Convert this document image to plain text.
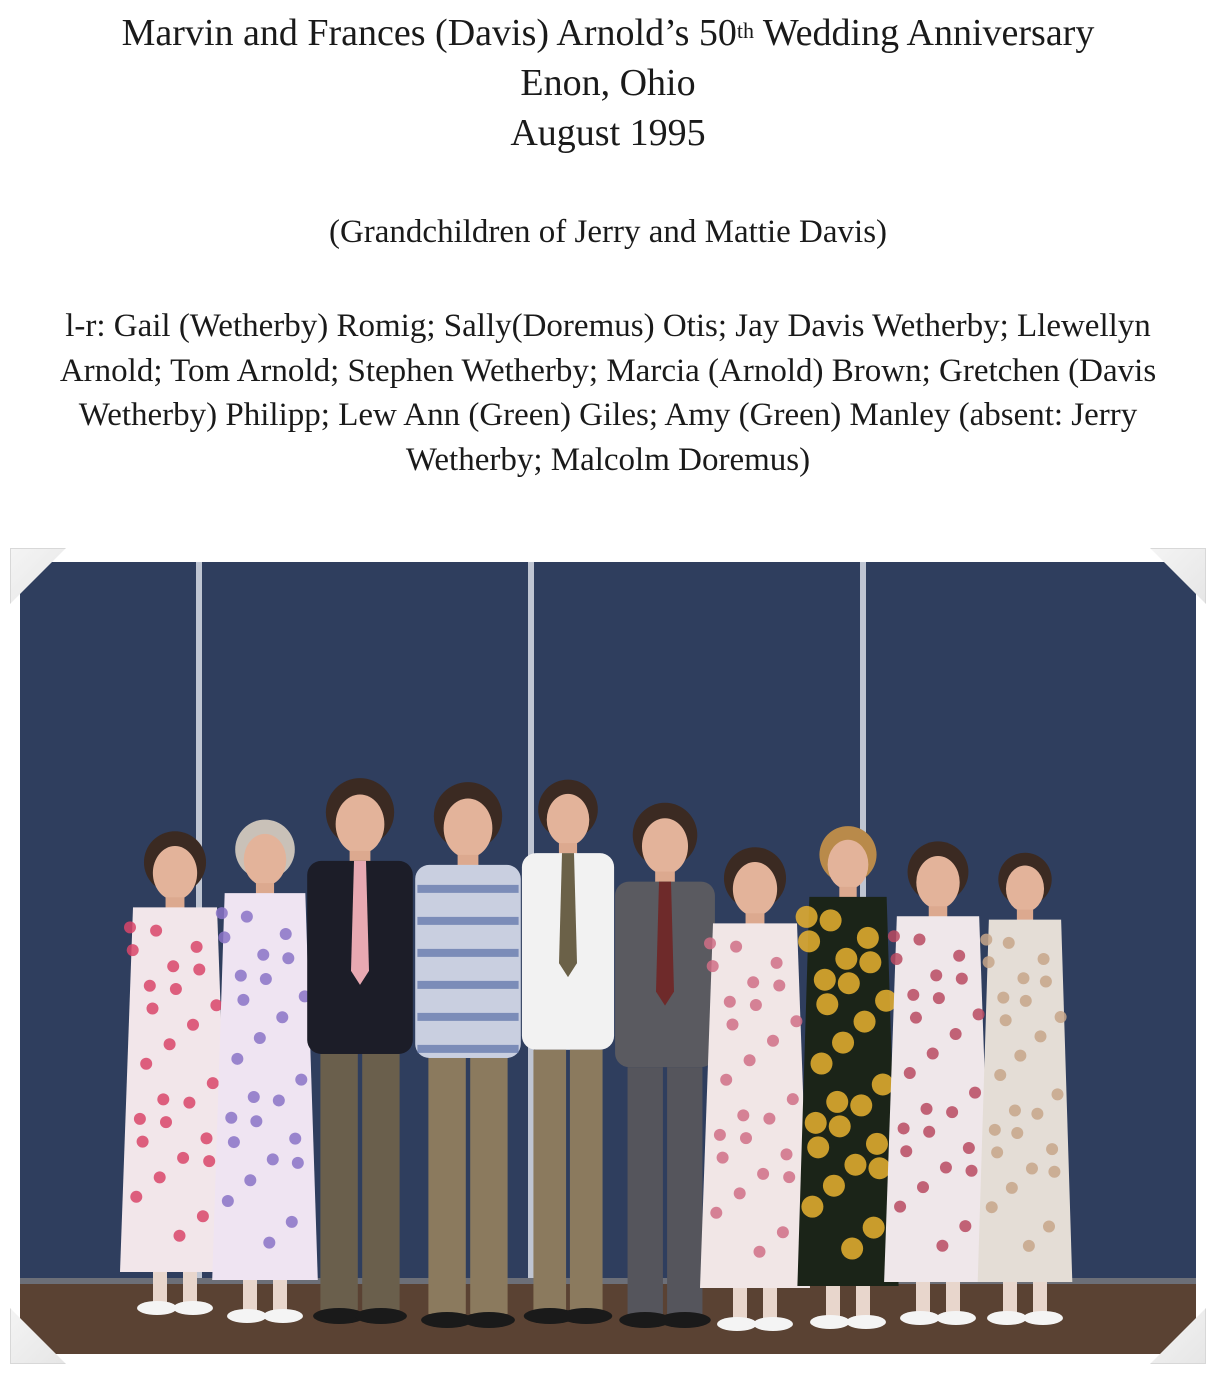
Marvin and Frances (Davis) Arnold’s 50th Wedding Anniversary

Enon, Ohio

August 1995

(Grandchildren of Jerry and Mattie Davis)

l-r: Gail (Wetherby) Romig; Sally(Doremus) Otis; Jay Davis Wetherby; Llewellyn Arnold; Tom Arnold; Stephen Wetherby; Marcia (Arnold) Brown; Gretchen (Davis Wetherby) Philipp; Lew Ann (Green) Giles; Amy (Green) Manley (absent: Jerry Wetherby; Malcolm Doremus)
